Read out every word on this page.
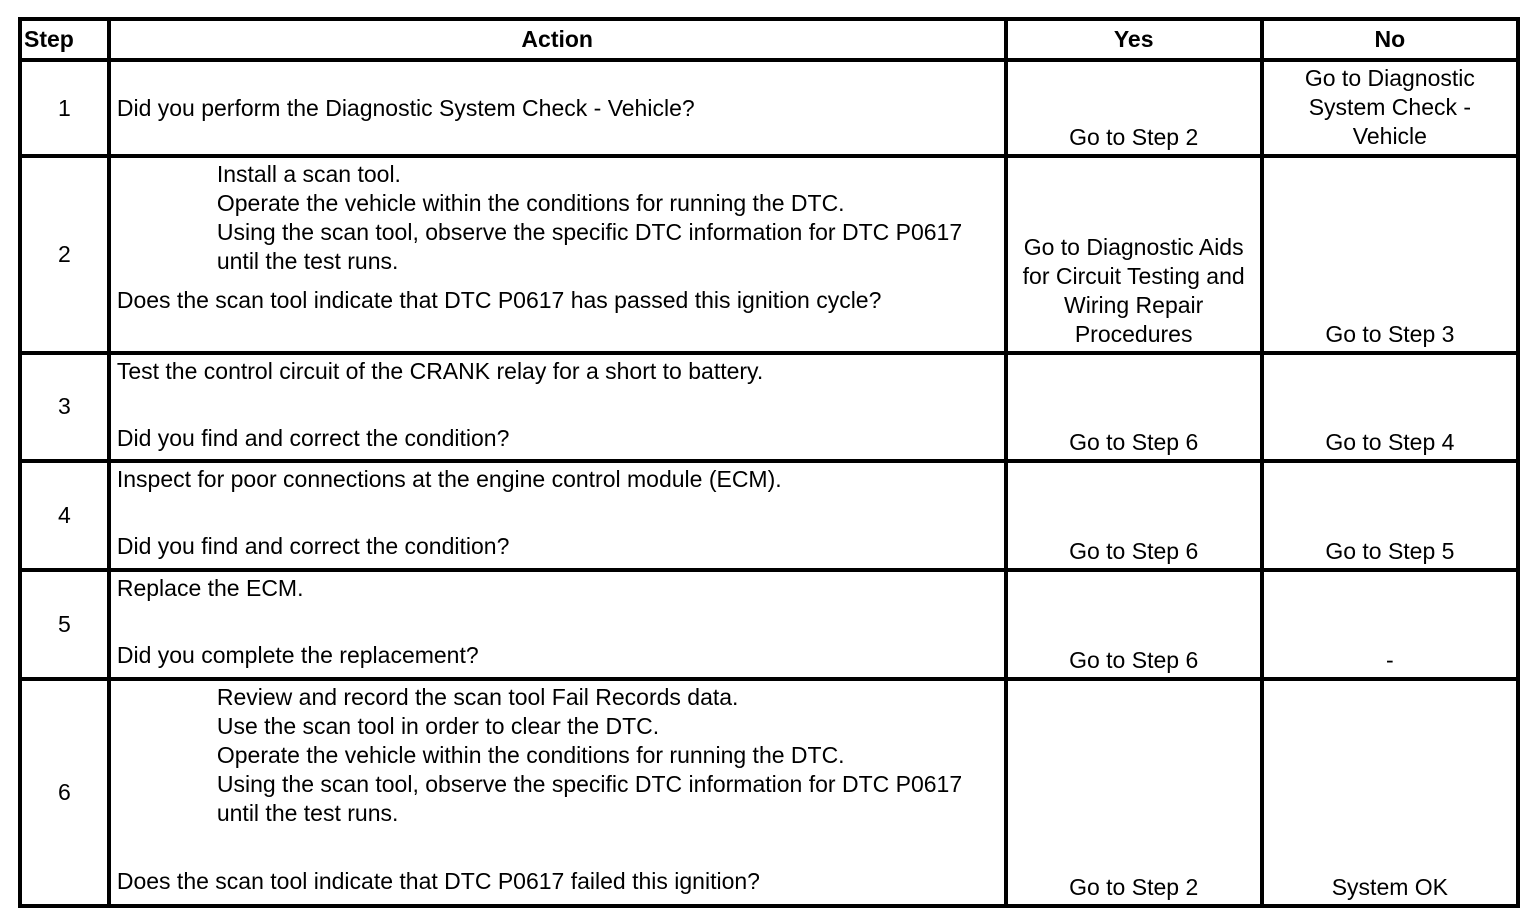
Step	Action	Yes	No
1	Did you perform the Diagnostic System Check - Vehicle?	Go to Step 2	Go to Diagnostic System Check - Vehicle
2	Install a scan tool.
Operate the vehicle within the conditions for running the DTC.
Using the scan tool, observe the specific DTC information for DTC P0617 until the test runs.
Does the scan tool indicate that DTC P0617 has passed this ignition cycle?	Go to Diagnostic Aids for Circuit Testing and Wiring Repair Procedures	Go to Step 3
3	Test the control circuit of the CRANK relay for a short to battery.
Did you find and correct the condition?	Go to Step 6	Go to Step 4
4	Inspect for poor connections at the engine control module (ECM).
Did you find and correct the condition?	Go to Step 6	Go to Step 5
5	Replace the ECM.
Did you complete the replacement?	Go to Step 6	-
6	Review and record the scan tool Fail Records data.
Use the scan tool in order to clear the DTC.
Operate the vehicle within the conditions for running the DTC.
Using the scan tool, observe the specific DTC information for DTC P0617 until the test runs.
Does the scan tool indicate that DTC P0617 failed this ignition?	Go to Step 2	System OK
